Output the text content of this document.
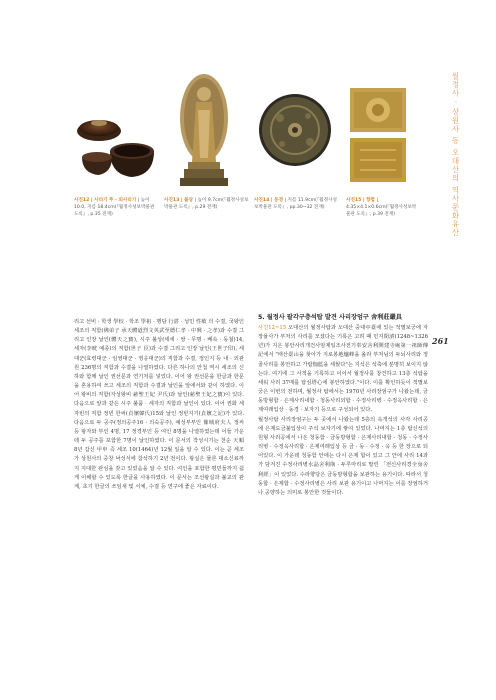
사진12 | 사리기 뚜 · 외사리기 | 높이 10.0, 지름 18.4cm(『월정사성보박물관 도록』, p.35 전재)
사진13 | 불상 | 높이 9.7cm(『월정사성보박물관 도록』, p.29 전재)
사진14 | 동경 | 지름 11.9cm(『월정사성보박물관 도록』, pp.30~32 전재)
사진15 | 향합 | 4.35×4.1×0.6cm(『월정사성보박물관 도록』, p.39 전재)	월정사 · 상원사 등 오대산의 역사문화유산
261

리고 선비 · 학생 學校 · 학조 學祖 · 행담 行湛 · 성민 性敏 의 수결, 국왕인 세조의 직함(佛弟子 承天體道烈文英武至德仁孝 · 中興 · 之孝)과 수결 그리고 인장 날인(體天之寶), 시주 불상(세세 · 쌍 · 무명 · 베속 · 동철)14, 세자(李晄 예종)의 직함(世子 臣)과 수결 그리고 인장 날인(王世子印), 세 대군(효령대군 · 임영대군 · 영응대군)의 직함과 수결, 정인지 등 내 · 외관원 236명의 직함과 수결을 나열하였다. 다른 하나의 안첩 역시 세조의 신하와 함께 날인 권선문과 연기처를 넣었다. 이어 왕 권선문을 한글과 한문을 혼용하여 쓰고 세조의 직함과 수결과 날인을 앞에서와 같이 하였다. 이어 왕비의 직함(자성왕비 慈聖王妃 尹氏)과 날인(慈聖王妃之寶)이 있다. 다음으로 앞과 같은 시주 불품 · 세자의 직함과 날인이 있다. 이어 권화 세자빈의 직함 정빈 한씨(貞嬪韓氏)15와 날인 정빈지기(貞嬪之記)가 있다. 다음으로 두 공주(정의공주16 · 의숙공주), 예성부부인 豫城府夫人 정씨 등 왕자와 부인 4명, 17 정경부인 등 여인 8명을 나열하였는데 이들 가운데 두 공주를 포함한 7명이 날인하였다. 이 문서의 작성시기는 천순 天順 8년 갑신 甲申 즉 세조 10(1464)년 12월 일을 알 수 있다. 이는 곧 세조가 상원사의 중창 낙성식에 참석하기 2년 전이다. 왕실은 물론 대소신료까지 지대한 관심을 갖고 있었음을 알 수 있다. 여인을 포함한 평민들까지 쉽게 이해할 수 있도록 한글을 사용하였다. 이 문서는 조선왕실과 불교의 관계, 초기 한글의 쓰임새 및 서체, 수결 등 연구에 좋은 자료이다.

5. 월정사 팔각구층석탑 발견 사리장엄구 舍利莊嚴具

사진12~15 오대산의 월정사탑과 오대산 중대中臺에 있는 적멸보궁에 자장율사가 부처의 사리를 모셨다는 기록은 고려 때 민지閔漬(1248~1326년)가 지은 봉안사리개건사암제일조사전기奉安舍利開建寺庵第一祖師傳記에서 "태산臺山을 찾아가 지로봉地爐峰을 올라 부처님의 두뇌사리와 정골사리를 봉안하고 가람伽藍을 세웠다"는 지석은 석축에 분명히 보이지 않는다. 여기에 그 사적을 기록하고 이어서 월정사를 창건하고 13층 석탑을 세워 사리 37매를 탑심塔心에 봉안하였다."이다. 이를 확인하듯이 적멸보궁은 이번의 전하며, 월정사 탑에서는 1970년 사리장엄구가 나왔는데, 금동방형합 · 은제사리내합 · 청동사리외합 · 수정사리병 · 수정옥사리합 · 은제여래입상 · 동경 · 보자기 등으로 구성되어 있다.

월정사탑 사리장엄구는 두 곳에서 나왔는데 5층의 옥개석의 사각 사리공에 은제도금불입상이 주석 보자기에 쌓여 있었다. 나머지는 1층 탑신석의 원형 사리공에서 나온 청동함 · 금동방형합 · 은제사리내합 · 청동 · 수정사리병 · 수정옥사리합 · 은제여래입상 등 금 · 동 · 수정 · 옥 등 한 장으로 되어있다. 이 가운데 청동함 안에는 다시 은제 합이 있고 그 안에 사리 14과가 담겨진 수정사리병水晶舍利甁 · 두루마리로 말린 「전신사리경全身舍利經」이 있었다. 수라향당은 금동방형합을 보관하는 용기이다. 따라서 청동합 · 은제합 · 수정사리병은 사리 보관 용기이고 나머지는 이를 장엄하거나 공양하는 의미로 봉안한 것들이다.
